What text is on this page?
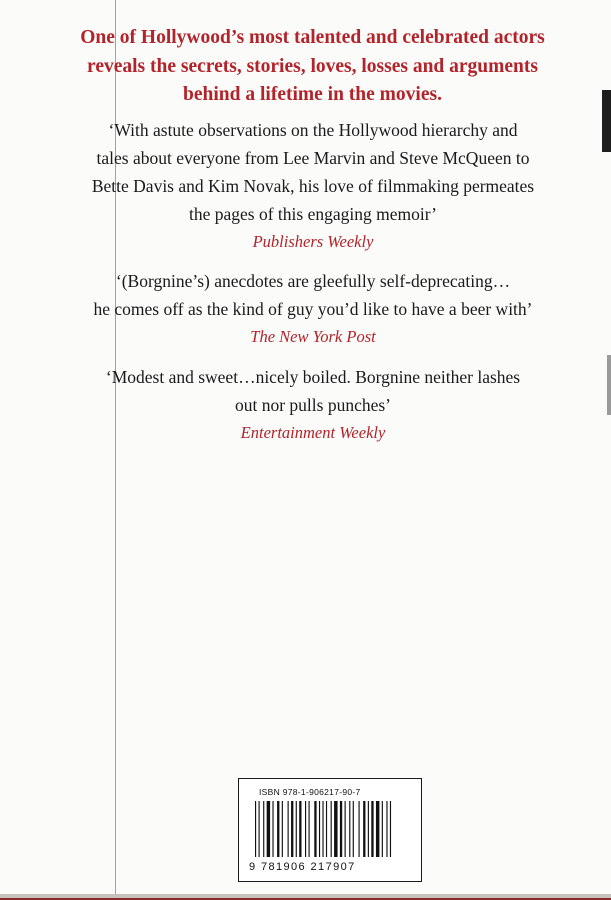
One of Hollywood’s most talented and celebrated actors
reveals the secrets, stories, loves, losses and arguments
behind a lifetime in the movies.
‘With astute observations on the Hollywood hierarchy and
tales about everyone from Lee Marvin and Steve McQueen to
Bette Davis and Kim Novak, his love of filmmaking permeates
the pages of this engaging memoir’
Publishers Weekly
‘(Borgnine’s) anecdotes are gleefully self-deprecating…
he comes off as the kind of guy you’d like to have a beer with’
The New York Post
‘Modest and sweet…nicely boiled. Borgnine neither lashes
out nor pulls punches’
Entertainment Weekly
ISBN 978-1-906217-90-7
9 781906 217907
